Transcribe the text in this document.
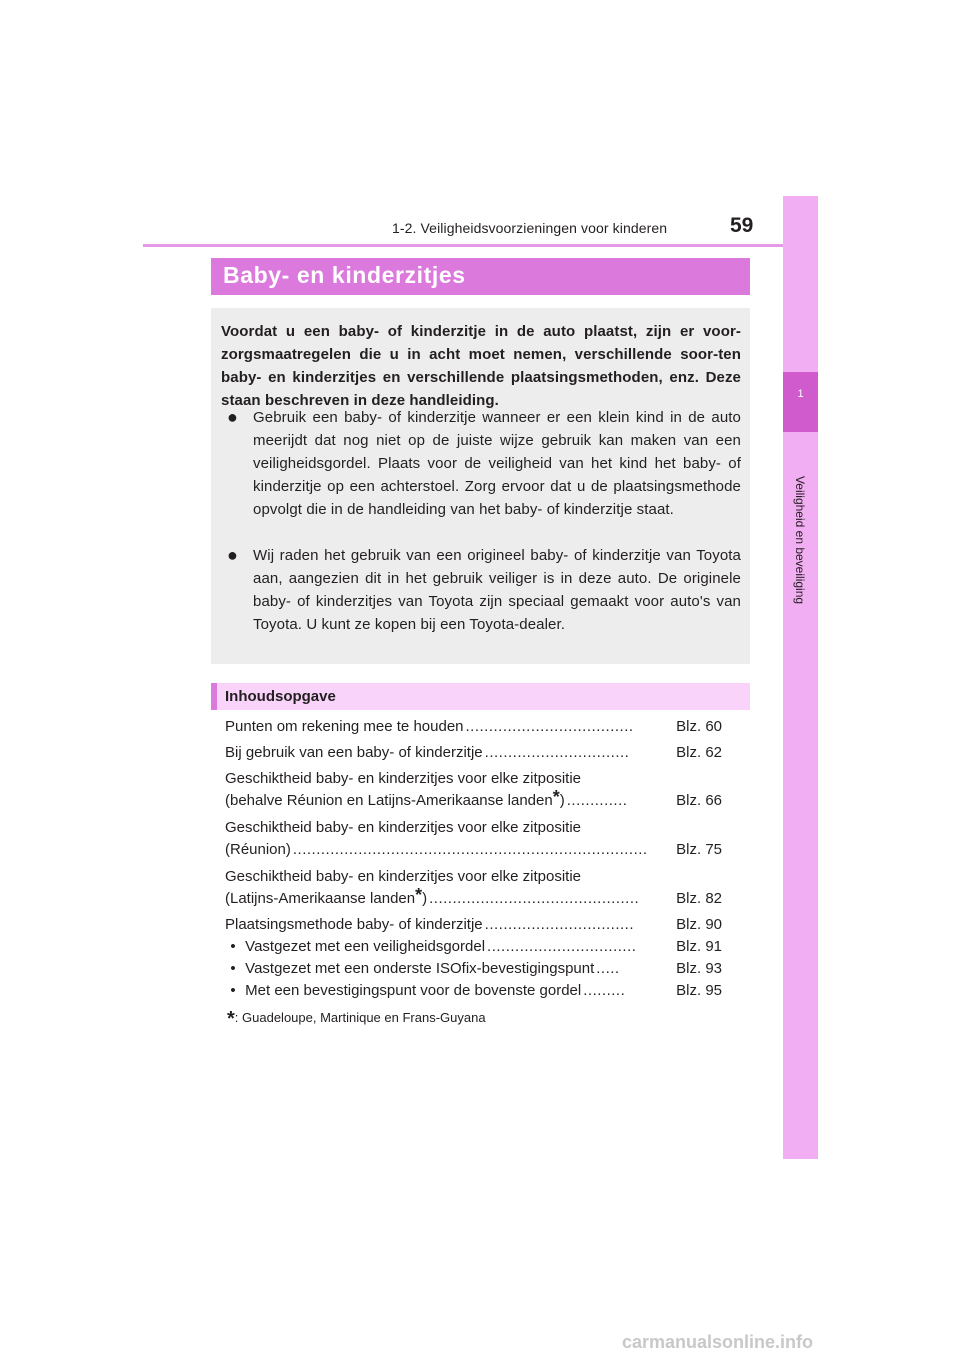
1-2. Veiligheidsvoorzieningen voor kinderen	59
1
Veiligheid en beveiliging
Baby- en kinderzitjes
Voordat u een baby- of kinderzitje in de auto plaatst, zijn er voor-zorgsmaatregelen die u in acht moet nemen, verschillende soor-ten baby- en kinderzitjes en verschillende plaatsingsmethoden, enz. Deze staan beschreven in deze handleiding.
● Gebruik een baby- of kinderzitje wanneer er een klein kind in de auto meerijdt dat nog niet op de juiste wijze gebruik kan maken van een veiligheidsgordel. Plaats voor de veiligheid van het kind het baby- of kinderzitje op een achterstoel. Zorg ervoor dat u de plaatsingsmethode opvolgt die in de handleiding van het baby- of kinderzitje staat.
● Wij raden het gebruik van een origineel baby- of kinderzitje van Toyota aan, aangezien dit in het gebruik veiliger is in deze auto. De originele baby- of kinderzitjes van Toyota zijn speciaal gemaakt voor auto's van Toyota. U kunt ze kopen bij een Toyota-dealer.
Inhoudsopgave
Punten om rekening mee te houden ....................................	Blz. 60
Bij gebruik van een baby- of kinderzitje ...............................	Blz. 62
Geschiktheid baby- en kinderzitjes voor elke zitpositie
(behalve Réunion en Latijns-Amerikaanse landen*) .............	Blz. 66
Geschiktheid baby- en kinderzitjes voor elke zitpositie
(Réunion) ............................................................................	Blz. 75
Geschiktheid baby- en kinderzitjes voor elke zitpositie
(Latijns-Amerikaanse landen*) .............................................	Blz. 82
Plaatsingsmethode baby- of kinderzitje ................................	Blz. 90
• Vastgezet met een veiligheidsgordel ................................	Blz. 91
• Vastgezet met een onderste ISOfix-bevestigingspunt .....	Blz. 93
• Met een bevestigingspunt voor de bovenste gordel .........	Blz. 95
*: Guadeloupe, Martinique en Frans-Guyana
carmanualsonline.info
